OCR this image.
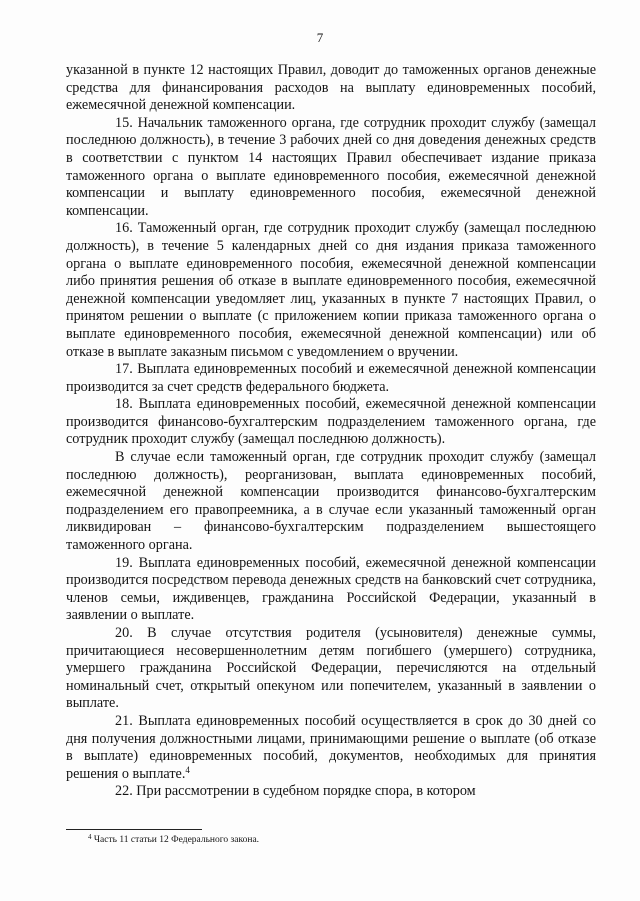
7

указанной в пункте 12 настоящих Правил, доводит до таможенных органов денежные средства для финансирования расходов на выплату единовременных пособий, ежемесячной денежной компенсации.

15. Начальник таможенного органа, где сотрудник проходит службу (замещал последнюю должность), в течение 3 рабочих дней со дня доведения денежных средств в соответствии с пунктом 14 настоящих Правил обеспечивает издание приказа таможенного органа о выплате единовременного пособия, ежемесячной денежной компенсации и выплату единовременного пособия, ежемесячной денежной компенсации.

16. Таможенный орган, где сотрудник проходит службу (замещал последнюю должность), в течение 5 календарных дней со дня издания приказа таможенного органа о выплате единовременного пособия, ежемесячной денежной компенсации либо принятия решения об отказе в выплате единовременного пособия, ежемесячной денежной компенсации уведомляет лиц, указанных в пункте 7 настоящих Правил, о принятом решении о выплате (с приложением копии приказа таможенного органа о выплате единовременного пособия, ежемесячной денежной компенсации) или об отказе в выплате заказным письмом с уведомлением о вручении.

17. Выплата единовременных пособий и ежемесячной денежной компенсации производится за счет средств федерального бюджета.

18. Выплата единовременных пособий, ежемесячной денежной компенсации производится финансово-бухгалтерским подразделением таможенного органа, где сотрудник проходит службу (замещал последнюю должность).

В случае если таможенный орган, где сотрудник проходит службу (замещал последнюю должность), реорганизован, выплата единовременных пособий, ежемесячной денежной компенсации производится финансово-бухгалтерским подразделением его правопреемника, а в случае если указанный таможенный орган ликвидирован – финансово-бухгалтерским подразделением вышестоящего таможенного органа.

19. Выплата единовременных пособий, ежемесячной денежной компенсации производится посредством перевода денежных средств на банковский счет сотрудника, членов семьи, иждивенцев, гражданина Российской Федерации, указанный в заявлении о выплате.

20. В случае отсутствия родителя (усыновителя) денежные суммы, причитающиеся несовершеннолетним детям погибшего (умершего) сотрудника, умершего гражданина Российской Федерации, перечисляются на отдельный номинальный счет, открытый опекуном или попечителем, указанный в заявлении о выплате.

21. Выплата единовременных пособий осуществляется в срок до 30 дней со дня получения должностными лицами, принимающими решение о выплате (об отказе в выплате) единовременных пособий, документов, необходимых для принятия решения о выплате.$^4$

22. При рассмотрении в судебном порядке спора, в котором

$^4$ Часть 11 статьи 12 Федерального закона.
